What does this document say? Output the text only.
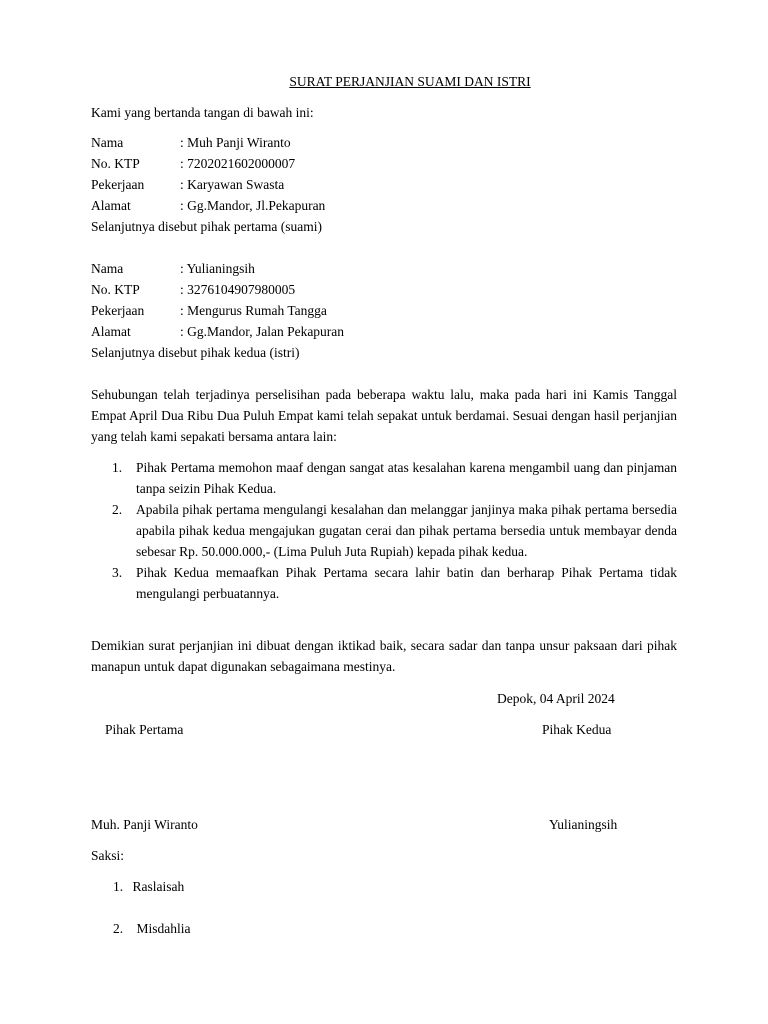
SURAT PERJANJIAN SUAMI DAN ISTRI
Kami yang bertanda tangan di bawah ini:
Nama	: Muh Panji Wiranto
No. KTP	: 7202021602000007
Pekerjaan	: Karyawan Swasta
Alamat	: Gg.Mandor, Jl.Pekapuran
Selanjutnya disebut pihak pertama (suami)
Nama	: Yulianingsih
No. KTP	: 3276104907980005
Pekerjaan	: Mengurus Rumah Tangga
Alamat	: Gg.Mandor, Jalan Pekapuran
Selanjutnya disebut pihak kedua (istri)
Sehubungan telah terjadinya perselisihan pada beberapa waktu lalu, maka pada hari ini Kamis Tanggal Empat April Dua Ribu Dua Puluh Empat kami telah sepakat untuk berdamai. Sesuai dengan hasil perjanjian yang telah kami sepakati bersama antara lain:
1. Pihak Pertama memohon maaf dengan sangat atas kesalahan karena mengambil uang dan pinjaman tanpa seizin Pihak Kedua.
2. Apabila pihak pertama mengulangi kesalahan dan melanggar janjinya maka pihak pertama bersedia apabila pihak kedua mengajukan gugatan cerai dan pihak pertama bersedia untuk membayar denda sebesar Rp. 50.000.000,- (Lima Puluh Juta Rupiah) kepada pihak kedua.
3. Pihak Kedua memaafkan Pihak Pertama secara lahir batin dan berharap Pihak Pertama tidak mengulangi perbuatannya.
Demikian surat perjanjian ini dibuat dengan iktikad baik, secara sadar dan tanpa unsur paksaan dari pihak manapun untuk dapat digunakan sebagaimana mestinya.
Depok, 04 April 2024
Pihak Pertama	Pihak Kedua
Muh. Panji Wiranto	Yulianingsih
Saksi:
1. Raslaisah
2. Misdahlia
